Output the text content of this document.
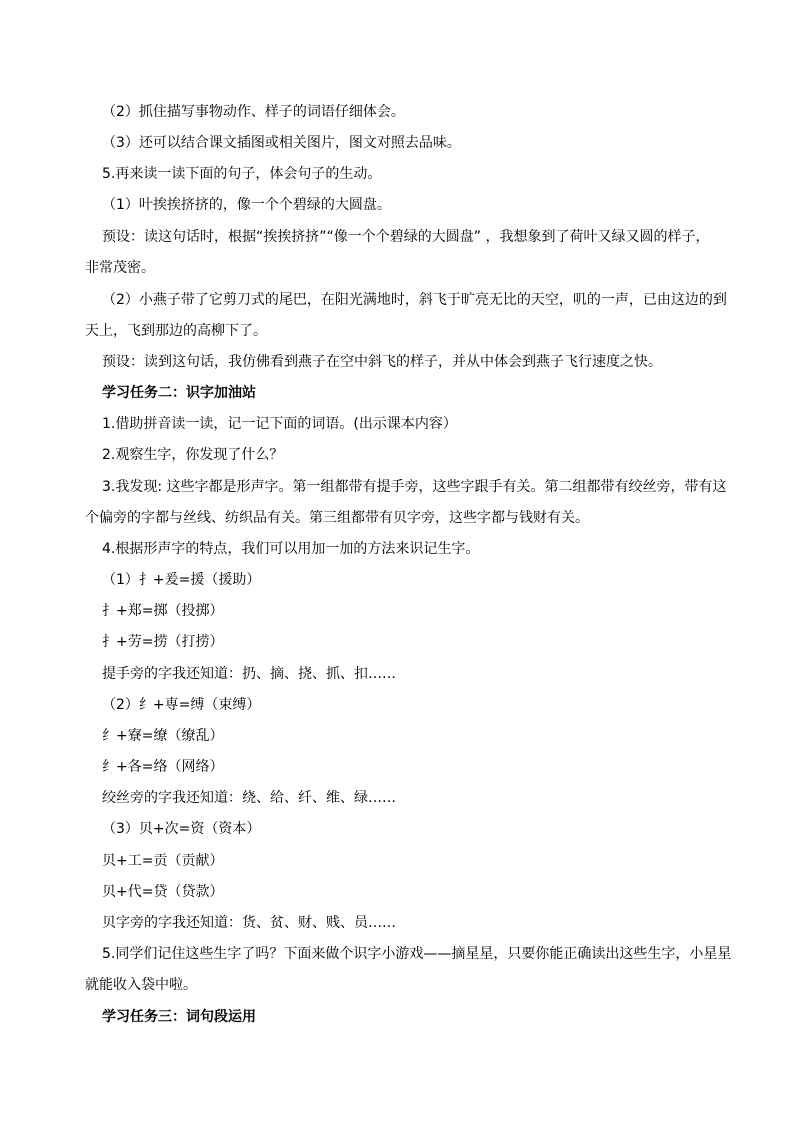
（2）抓住描写事物动作、样子的词语仔细体会。
（3）还可以结合课文插图或相关图片，图文对照去品味。
5.再来读一读下面的句子，体会句子的生动。
（1）叶挨挨挤挤的，像一个个碧绿的大圆盘。
预设：读这句话时，根据“挨挨挤挤”“像一个个碧绿的大圆盘” ，我想象到了荷叶又绿又圆的样子，
非常茂密。
（2）小燕子带了它剪刀式的尾巴，在阳光满地时，斜飞于旷亮无比的天空，叽的一声，已由这边的到
天上，飞到那边的高柳下了。
预设：读到这句话，我仿佛看到燕子在空中斜飞的样子，并从中体会到燕子飞行速度之快。
学习任务二：识字加油站
1.借助拼音读一读，记一记下面的词语。(出示课本内容）
2.观察生字，你发现了什么？
3.我发现: 这些字都是形声字。第一组都带有提手旁，这些字跟手有关。第二组都带有绞丝旁，带有这
个偏旁的字都与丝线、纺织品有关。第三组都带有贝字旁，这些字都与钱财有关。
4.根据形声字的特点，我们可以用加一加的方法来识记生字。
（1）扌+爰=援（援助）
扌+郑=掷（投掷）
扌+劳=捞（打捞）
提手旁的字我还知道：扔、摘、挠、抓、扣……
（2）纟+専=缚（束缚）
纟+寮=缭（缭乱）
纟+各=络（网络）
绞丝旁的字我还知道：绕、给、纤、维、绿……
（3）贝+次=资（资本）
贝+工=贡（贡献）
贝+代=贷（贷款）
贝字旁的字我还知道：货、贫、财、贱、员……
5.同学们记住这些生字了吗？下面来做个识字小游戏——摘星星，只要你能正确读出这些生字，小星星
就能收入袋中啦。
学习任务三：词句段运用
